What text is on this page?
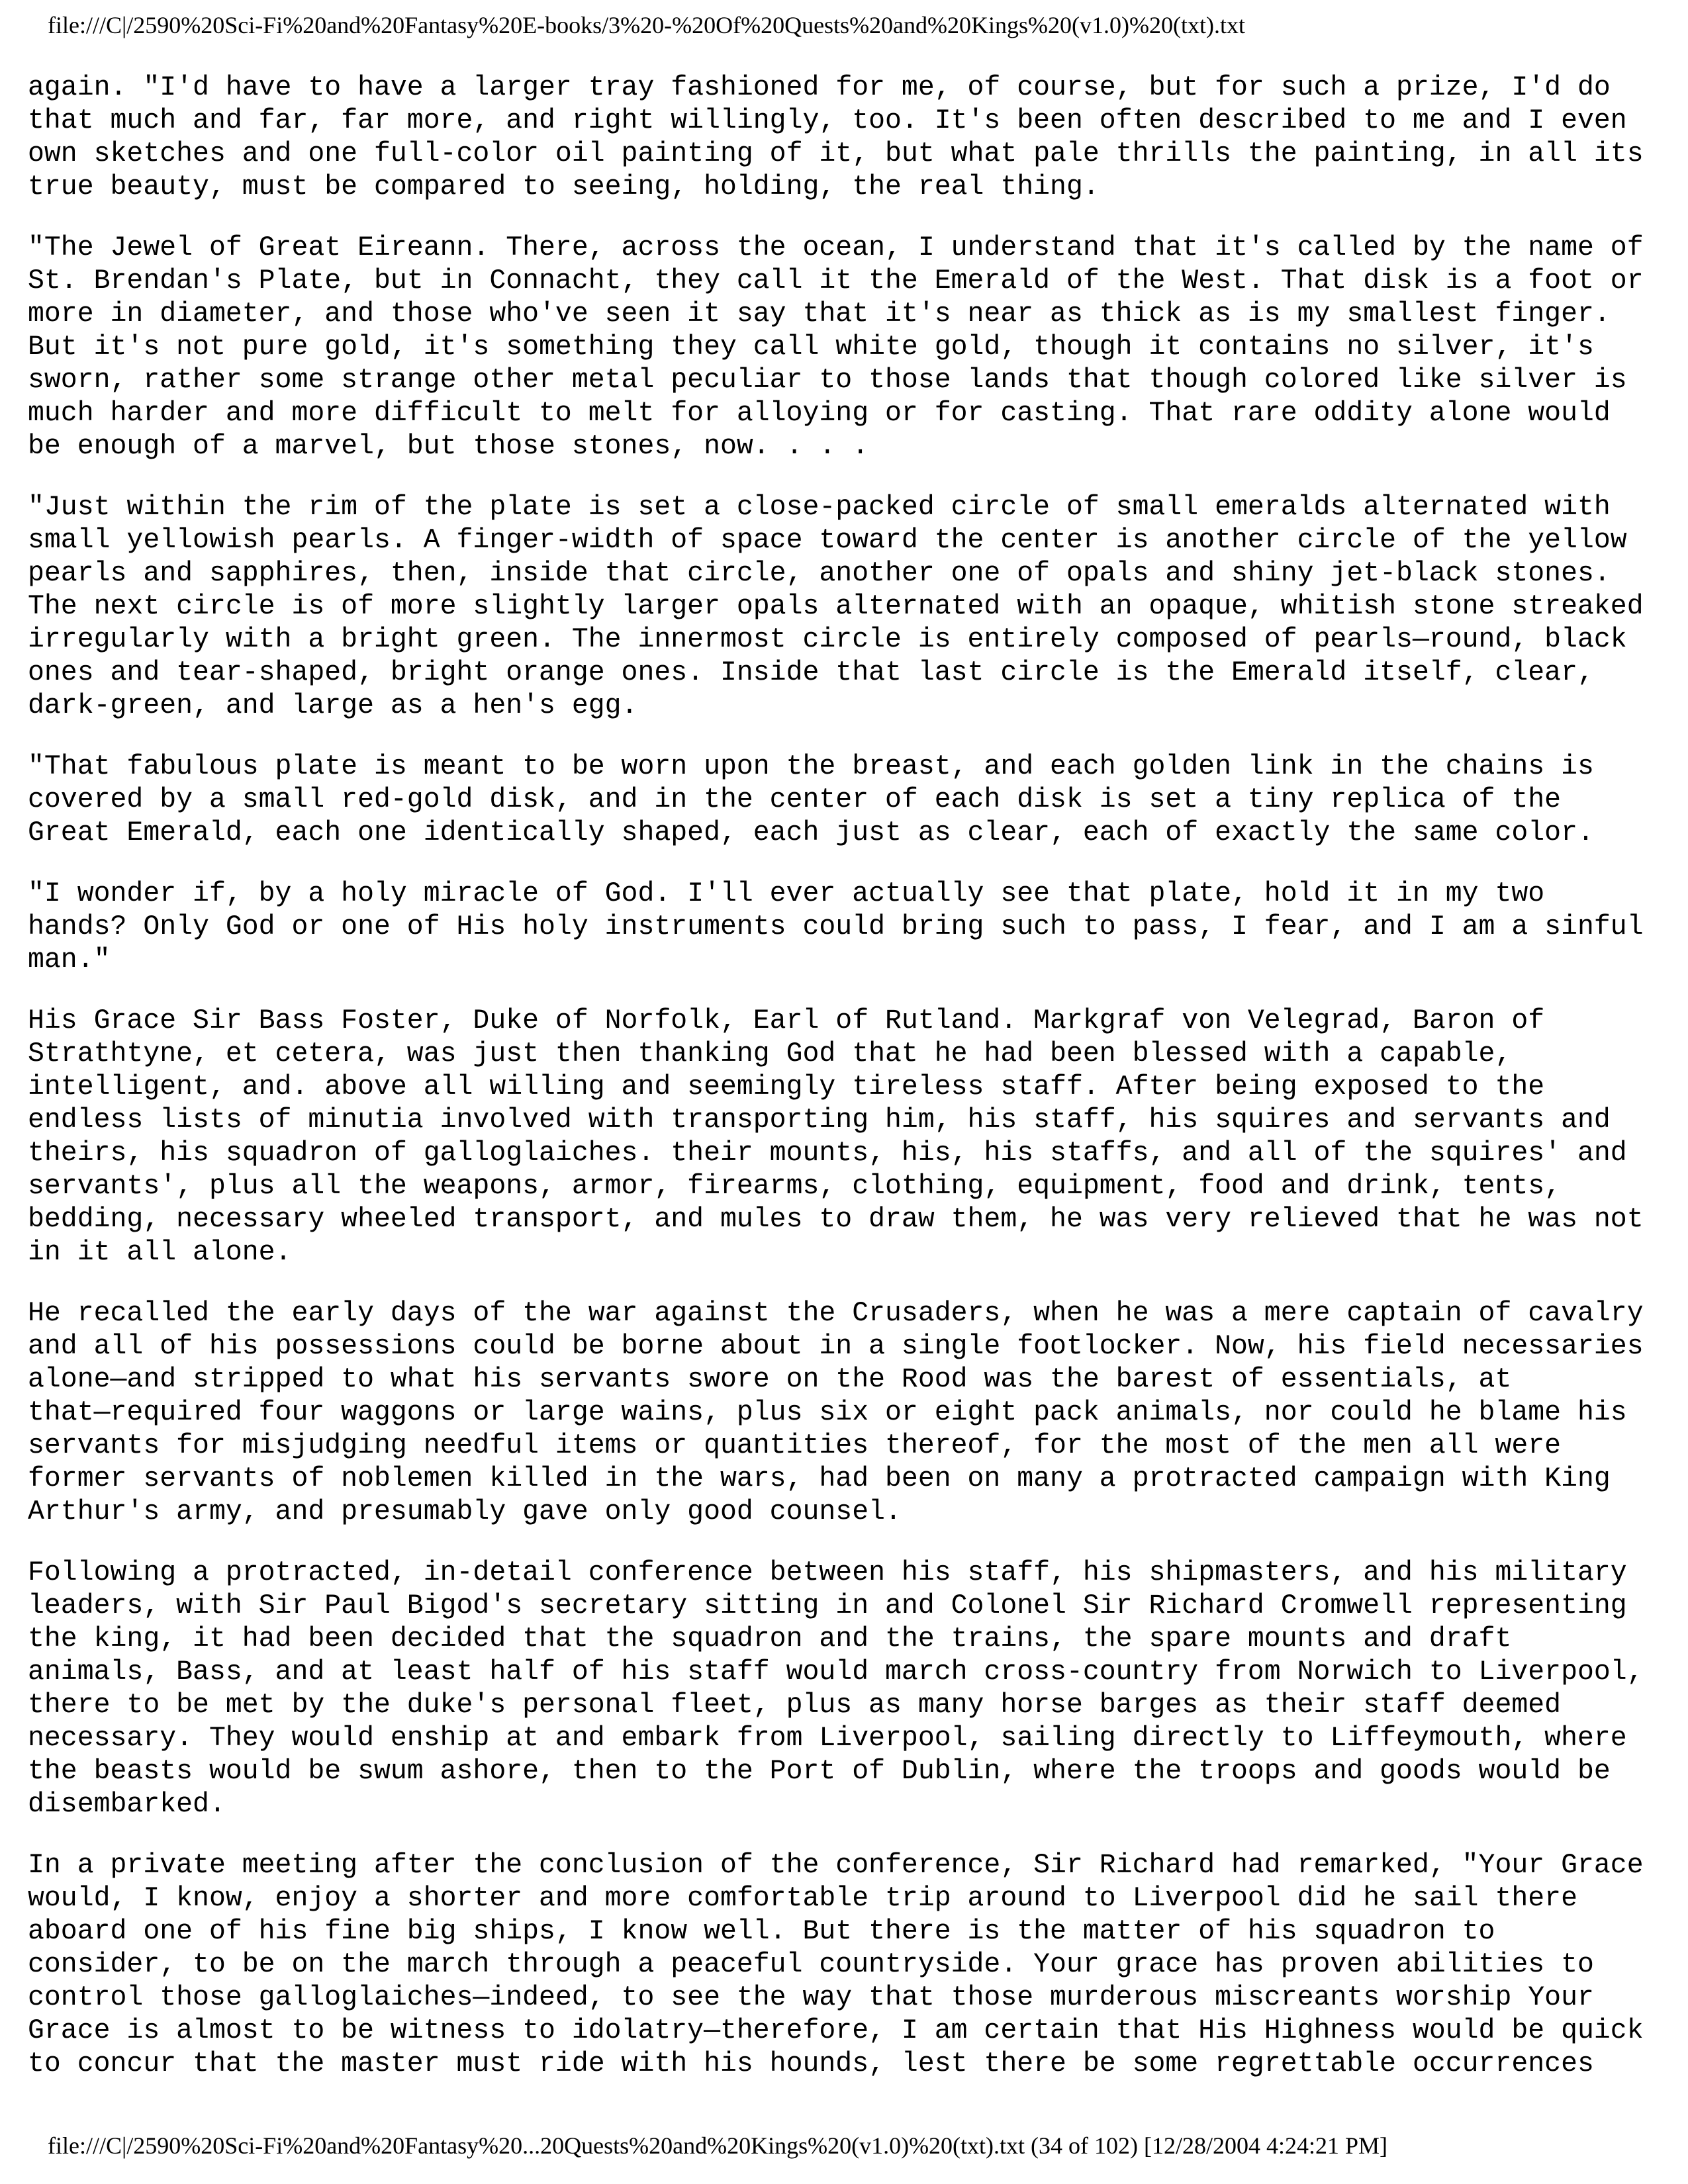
file:///C|/2590%20Sci-Fi%20and%20Fantasy%20E-books/3%20-%20Of%20Quests%20and%20Kings%20(v1.0)%20(txt).txt

again. "I'd have to have a larger tray fashioned for me, of course, but for such a prize, I'd do
that much and far, far more, and right willingly, too. It's been often described to me and I even
own sketches and one full-color oil painting of it, but what pale thrills the painting, in all its
true beauty, must be compared to seeing, holding, the real thing.

"The Jewel of Great Eireann. There, across the ocean, I understand that it's called by the name of
St. Brendan's Plate, but in Connacht, they call it the Emerald of the West. That disk is a foot or
more in diameter, and those who've seen it say that it's near as thick as is my smallest finger.
But it's not pure gold, it's something they call white gold, though it contains no silver, it's
sworn, rather some strange other metal peculiar to those lands that though colored like silver is
much harder and more difficult to melt for alloying or for casting. That rare oddity alone would
be enough of a marvel, but those stones, now. . . .

"Just within the rim of the plate is set a close-packed circle of small emeralds alternated with
small yellowish pearls. A finger-width of space toward the center is another circle of the yellow
pearls and sapphires, then, inside that circle, another one of opals and shiny jet-black stones.
The next circle is of more slightly larger opals alternated with an opaque, whitish stone streaked
irregularly with a bright green. The innermost circle is entirely composed of pearls—round, black
ones and tear-shaped, bright orange ones. Inside that last circle is the Emerald itself, clear,
dark-green, and large as a hen's egg.

"That fabulous plate is meant to be worn upon the breast, and each golden link in the chains is
covered by a small red-gold disk, and in the center of each disk is set a tiny replica of the
Great Emerald, each one identically shaped, each just as clear, each of exactly the same color.

"I wonder if, by a holy miracle of God. I'll ever actually see that plate, hold it in my two
hands? Only God or one of His holy instruments could bring such to pass, I fear, and I am a sinful
man."

His Grace Sir Bass Foster, Duke of Norfolk, Earl of Rutland. Markgraf von Velegrad, Baron of
Strathtyne, et cetera, was just then thanking God that he had been blessed with a capable,
intelligent, and. above all willing and seemingly tireless staff. After being exposed to the
endless lists of minutia involved with transporting him, his staff, his squires and servants and
theirs, his squadron of galloglaiches. their mounts, his, his staffs, and all of the squires' and
servants', plus all the weapons, armor, firearms, clothing, equipment, food and drink, tents,
bedding, necessary wheeled transport, and mules to draw them, he was very relieved that he was not
in it all alone.

He recalled the early days of the war against the Crusaders, when he was a mere captain of cavalry
and all of his possessions could be borne about in a single footlocker. Now, his field necessaries
alone—and stripped to what his servants swore on the Rood was the barest of essentials, at
that—required four waggons or large wains, plus six or eight pack animals, nor could he blame his
servants for misjudging needful items or quantities thereof, for the most of the men all were
former servants of noblemen killed in the wars, had been on many a protracted campaign with King
Arthur's army, and presumably gave only good counsel.

Following a protracted, in-detail conference between his staff, his shipmasters, and his military
leaders, with Sir Paul Bigod's secretary sitting in and Colonel Sir Richard Cromwell representing
the king, it had been decided that the squadron and the trains, the spare mounts and draft
animals, Bass, and at least half of his staff would march cross-country from Norwich to Liverpool,
there to be met by the duke's personal fleet, plus as many horse barges as their staff deemed
necessary. They would enship at and embark from Liverpool, sailing directly to Liffeymouth, where
the beasts would be swum ashore, then to the Port of Dublin, where the troops and goods would be
disembarked.

In a private meeting after the conclusion of the conference, Sir Richard had remarked, "Your Grace
would, I know, enjoy a shorter and more comfortable trip around to Liverpool did he sail there
aboard one of his fine big ships, I know well. But there is the matter of his squadron to
consider, to be on the march through a peaceful countryside. Your grace has proven abilities to
control those galloglaiches—indeed, to see the way that those murderous miscreants worship Your
Grace is almost to be witness to idolatry—therefore, I am certain that His Highness would be quick
to concur that the master must ride with his hounds, lest there be some regrettable occurrences

file:///C|/2590%20Sci-Fi%20and%20Fantasy%20...20Quests%20and%20Kings%20(v1.0)%20(txt).txt (34 of 102) [12/28/2004 4:24:21 PM]
